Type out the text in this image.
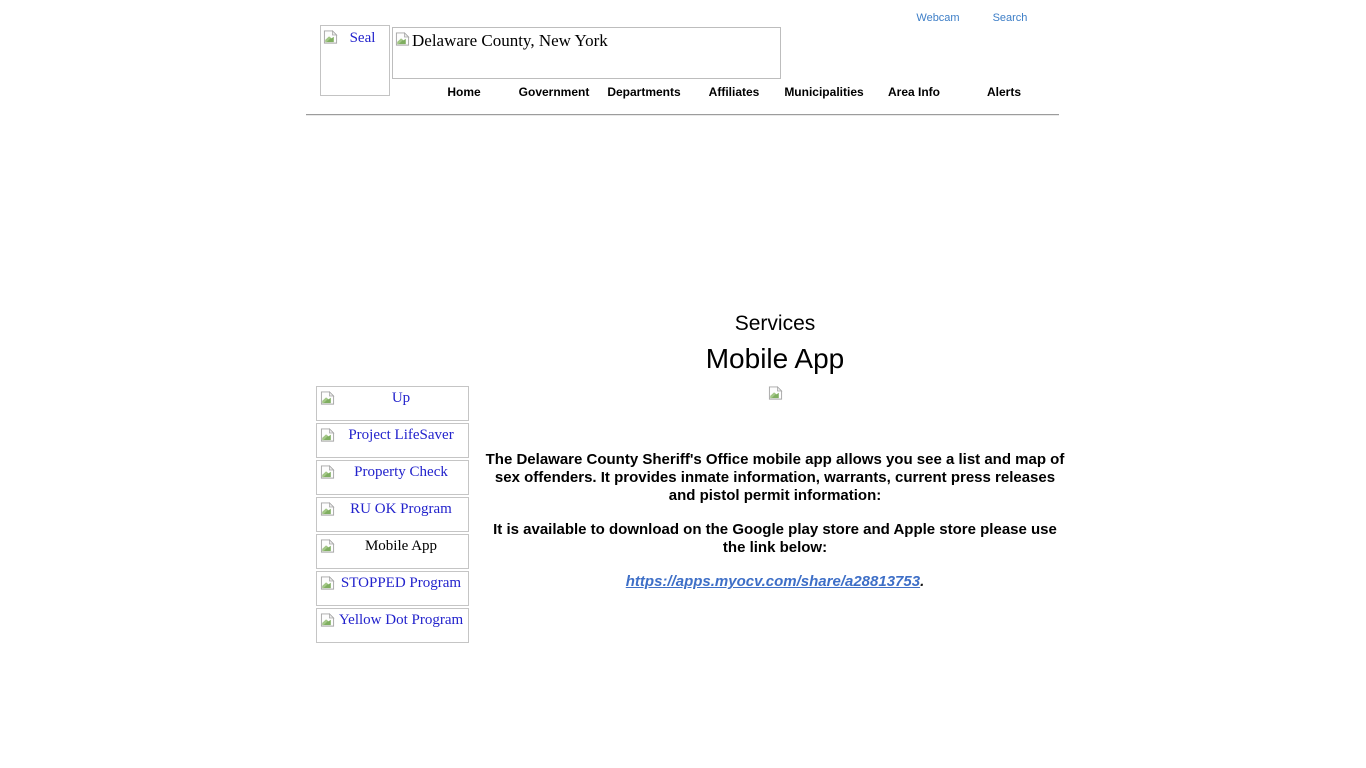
Seal	Delaware County, New York
Webcam	Search
Home	Government	Departments	Affiliates	Municipalities	Area Info	Alerts
Up
Project LifeSaver
Property Check
RU OK Program
Mobile App
STOPPED Program
Yellow Dot Program
Services
Mobile App
The Delaware County Sheriff's Office mobile app allows you see a list and map of sex offenders. It provides inmate information, warrants, current press releases and pistol permit information:
It is available to download on the Google play store and Apple store please use the link below:
https://apps.myocv.com/share/a28813753.
